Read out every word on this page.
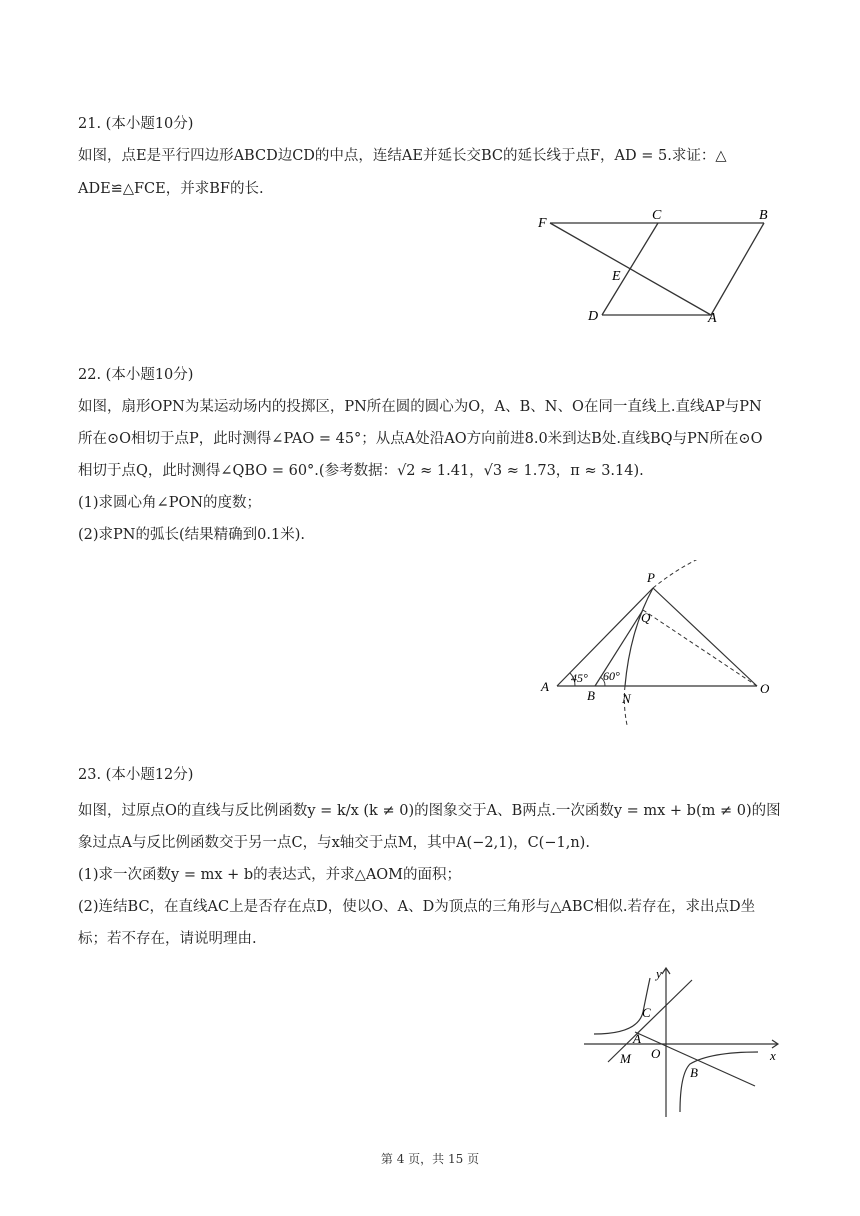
21. (本小题10分)

如图，点E是平行四边形ABCD边CD的中点，连结AE并延长交BC的延长线于点F，AD = 5.求证：△

ADE≌△FCE，并求BF的长.

F
C	B
E
D	A

22. (本小题10分)

如图，扇形OPN为某运动场内的投掷区，PN所在圆的圆心为O，A、B、N、O在同一直线上.直线AP与PN

所在⊙O相切于点P，此时测得∠PAO = 45°；从点A处沿AO方向前进8.0米到达B处.直线BQ与PN所在⊙O

相切于点Q，此时测得∠QBO = 60°.(参考数据：√2 ≈ 1.41，√3 ≈ 1.73，π ≈ 3.14).

(1)求圆心角∠PON的度数；

(2)求PN的弧长(结果精确到0.1米).

P
Q
A
B N
O
45° 60°

23. (本小题12分)

如图，过原点O的直线与反比例函数y = k/x (k ≠ 0)的图象交于A、B两点.一次函数y = mx + b(m ≠ 0)的图

象过点A与反比例函数交于另一点C，与x轴交于点M，其中A(−2,1)，C(−1,n).

(1)求一次函数y = mx + b的表达式，并求△AOM的面积；

(2)连结BC，在直线AC上是否存在点D，使以O、A、D为顶点的三角形与△ABC相似.若存在，求出点D坐

标；若不存在，请说明理由.

y
x
C
A
M O
B
第 4 页，共 15 页
